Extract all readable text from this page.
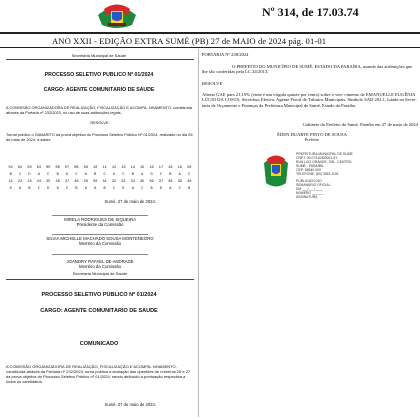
Nº 314, de 17.03.74
ANO XXII - EDIÇÃO EXTRA SUMÉ (PB) 27 de MAIO de 2024 pág. 01-01
Secretaria Municipal de Saúde
PROCESSO SELETIVO PÚBLICO Nº 01/2024
CARGO: AGENTE COMUNITÁRIO DE SAÚDE
A COMISSÃO ORGANIZADORA DE REALIZAÇÃO, FISCALIZAÇÃO E ACOMPA- NHAMENTO, constituída através da Portaria nº 232/2023, no uso de suas atribuições legais,
RESOLVE:
Tornar público o GABARITO da prova objetiva do Processo Seletivo Público Nº 01/2024, realizado no dia 26 de maio de 2024, a saber:
01	02	03	04	05	06	07	08	09	10	11	12	13	14	15	16	17	18	19	20
B	C	D	A	C	B	D	C	A	B	C	D	C	B	A	D	C	B	A	C
21	22	23	24	25	26	27	28	29	30	31	32	33	34	35	36	37	38	39	40
D	A	B	C	D	A	C	B	D	A	B	C	D	A	C	B	D	A	C	B
Sumé, 27 de maio de 2024.
MIRELA RODRIGUES DE SIQUEIRA
Presidente da Comissão
SILVIA MICHELLE MACHADO SOUSA MONTENEGRO
Membro da Comissão
JOANDRY RAFAEL DE ANDRADE
Membro da Comissão
Secretaria Municipal de Saúde
PROCESSO SELETIVO PÚBLICO Nº 01/2024
CARGO: AGENTE COMUNITÁRIO DE SAÚDE
COMUNICADO
A COMISSÃO ORGANIZADORA DE REALIZAÇÃO, FISCALIZAÇÃO E ACOMPA- NHAMENTO, constituída através da Portaria nº 232/2023, torna pública a anulação das questões de números 25 e 27 da prova objetiva do Processo Seletivo Público nº 01/2024, sendo atribuído a pontuação respectiva a todos os candidatos.
Sumé, 27 de maio de 2024.
PORTARIA Nº 238/2024
O PREFEITO DO MUNICÍPIO DE SUMÉ, ESTADO DA PARAÍBA, usando das atribuições que lhe são conferidas pela LC 24/2013,
RESOLVE
Alterar GAE para 21,15% (vinte e um vírgula quinze por cento) sobre o ven- cimento de EMANUELLE EUGÊNIA LÚCIO DA COSTA, Servidora Efetiva, Agente Fiscal de Tributos Municipais, Símbolo SAD 202.1, lotada na Secre- taria de Orçamento e Finanças da Prefeitura Municipal de Sumé, Estado da Paraíba.
Gabinete do Prefeito de Sumé, Paraíba em 27 de maio de 2024
ÉDEN DUARTE PINTO DE SOUSA
Prefeito
PREFEITURA MUNICIPAL DE SUMÉ
CNPJ: 09.073.628/0001-91
RUA LUIZ GRANDE, S/N - CENTRO
SUMÉ - PARAÍBA
CEP: 58540-000
TELEFONE: (83) 3353-1191

PUBLICADO NO
SEMANÁRIO OFICIAL
EM ___/___/____
NÚMERO ______
ASSINATURA
